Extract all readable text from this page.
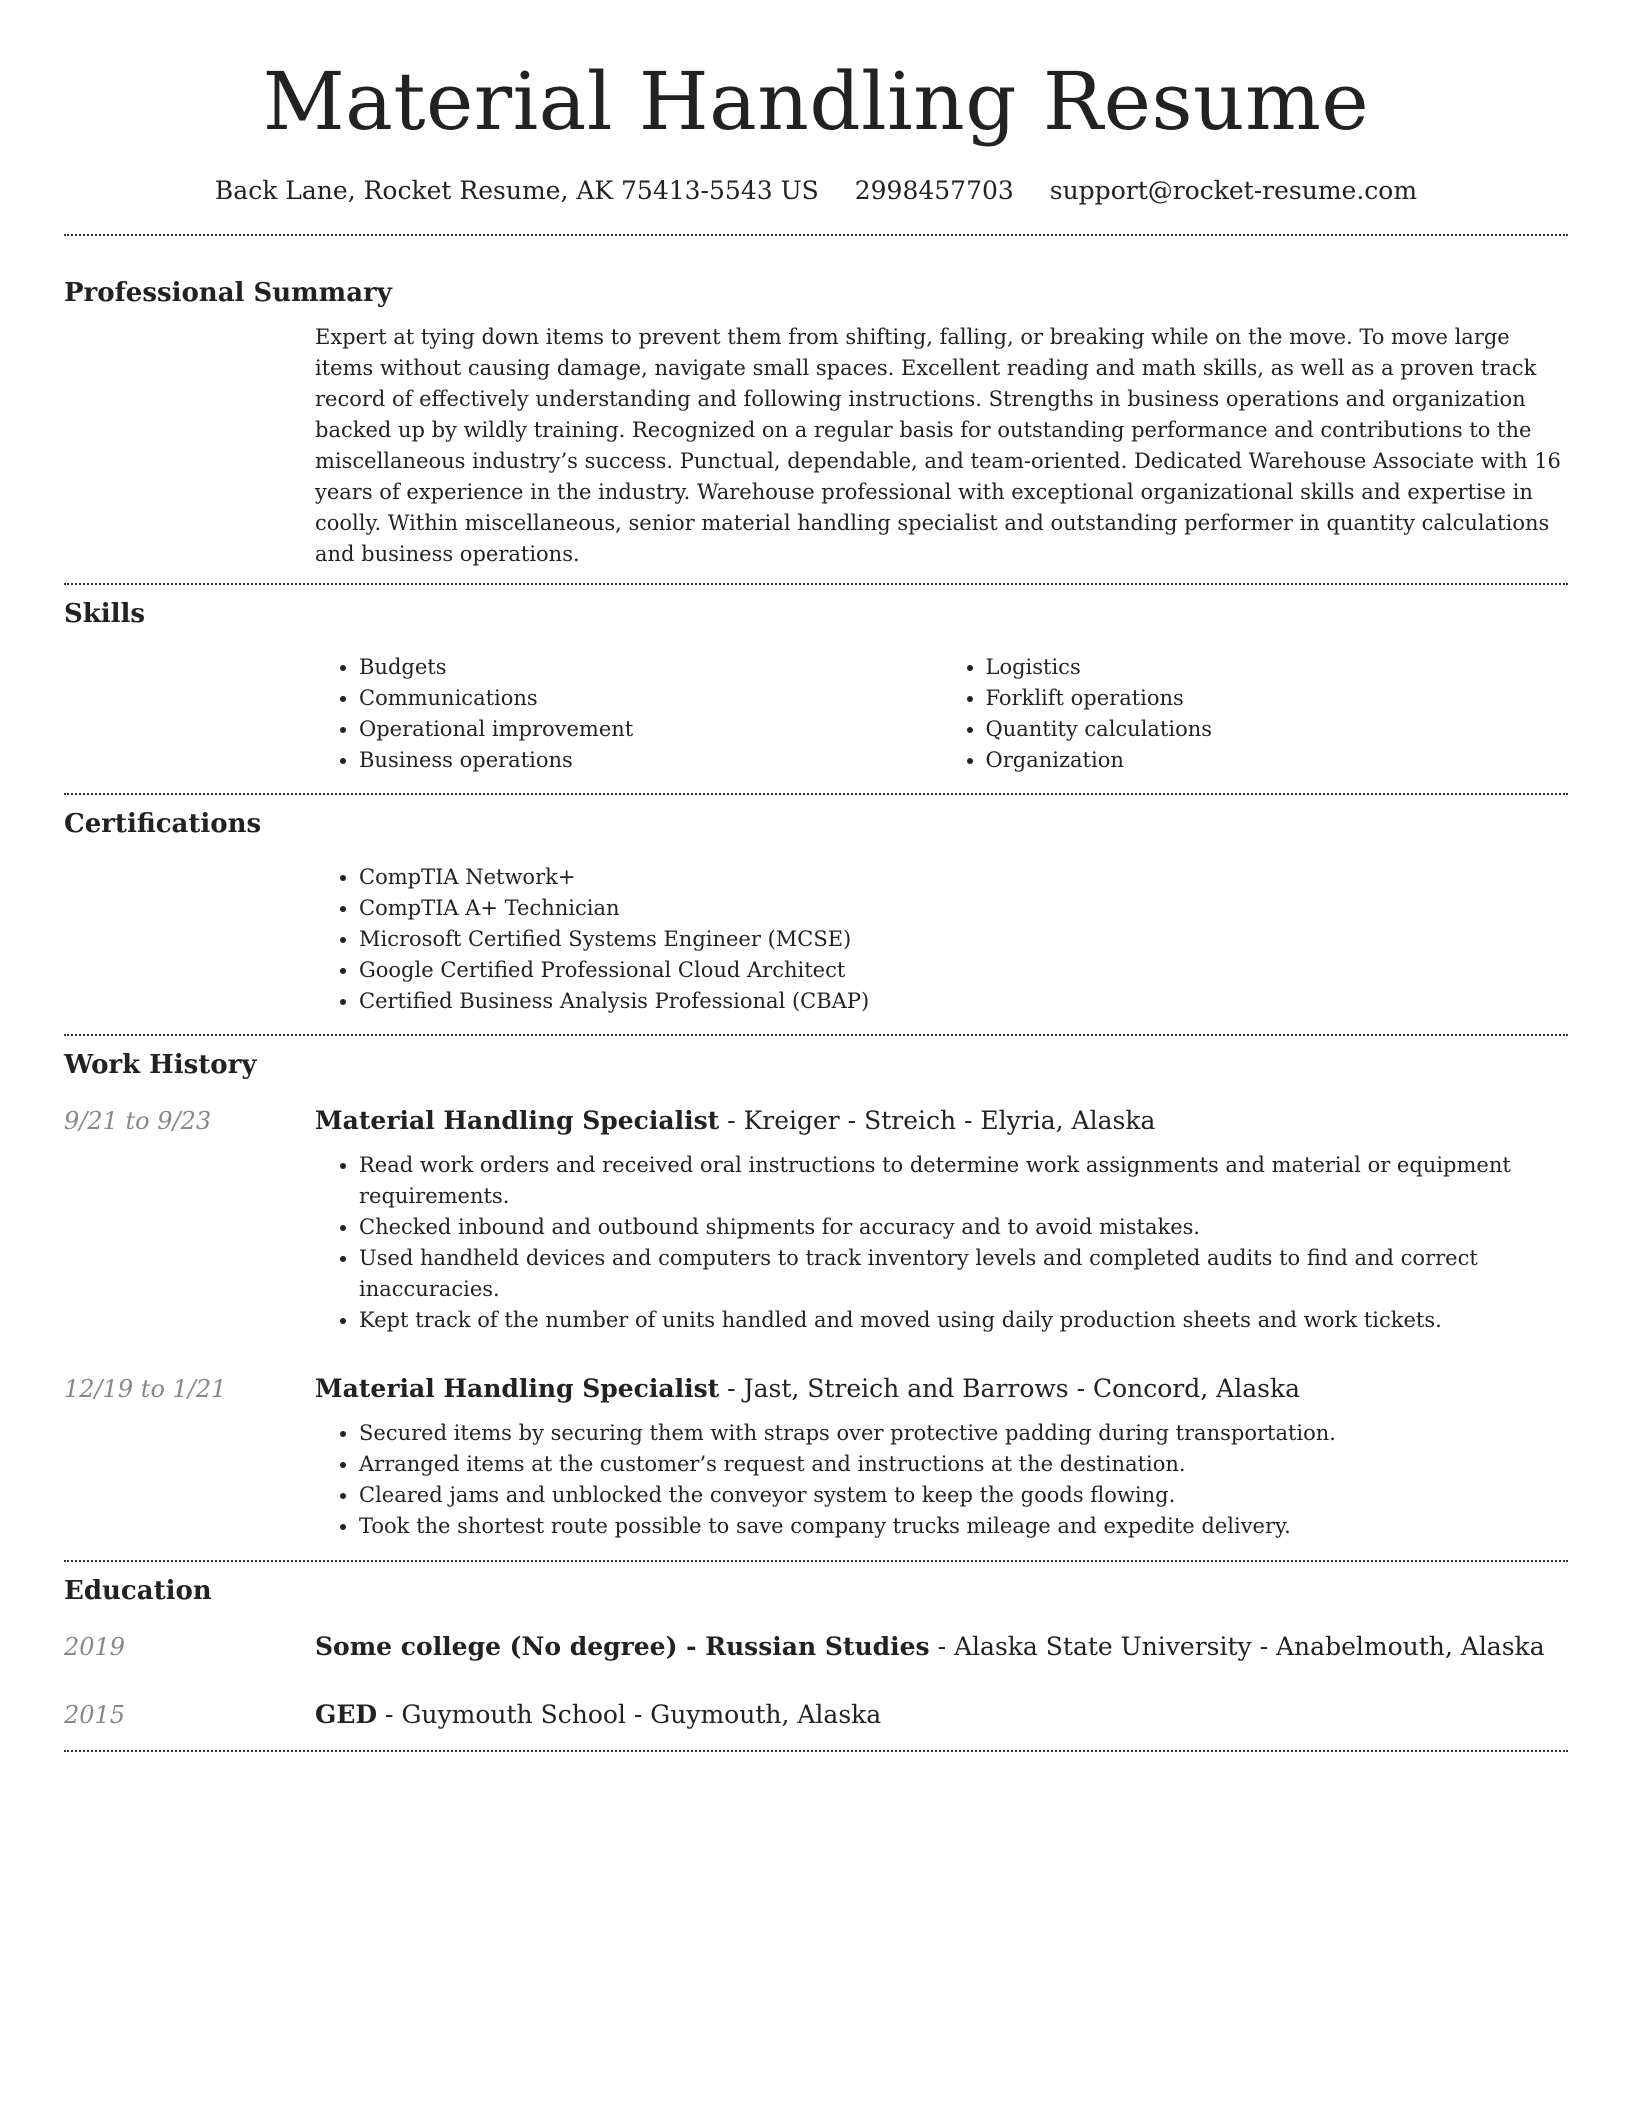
Material Handling Resume
Back Lane, Rocket Resume, AK 75413-5543 US 2998457703 support@rocket-resume.com
Professional Summary

Expert at tying down items to prevent them from shifting, falling, or breaking while on the move. To move large items without causing damage, navigate small spaces. Excellent reading and math skills, as well as a proven track record of effectively understanding and following instructions. Strengths in business operations and organization backed up by wildly training. Recognized on a regular basis for outstanding performance and contributions to the miscellaneous industry’s success. Punctual, dependable, and team-oriented. Dedicated Warehouse Associate with 16 years of experience in the industry. Warehouse professional with exceptional organizational skills and expertise in coolly. Within miscellaneous, senior material handling specialist and outstanding performer in quantity calculations and business operations.

Skills
• Budgets
• Communications
• Operational improvement
• Business operations
• Logistics
• Forklift operations
• Quantity calculations
• Organization
Certifications
• CompTIA Network+
• CompTIA A+ Technician
• Microsoft Certified Systems Engineer (MCSE)
• Google Certified Professional Cloud Architect
• Certified Business Analysis Professional (CBAP)
Work History
9/21 to 9/23	Material Handling Specialist - Kreiger - Streich - Elyria, Alaska
• Read work orders and received oral instructions to determine work assignments and material or equipment requirements.
• Checked inbound and outbound shipments for accuracy and to avoid mistakes.
• Used handheld devices and computers to track inventory levels and completed audits to find and correct inaccuracies.
• Kept track of the number of units handled and moved using daily production sheets and work tickets.
12/19 to 1/21	Material Handling Specialist - Jast, Streich and Barrows - Concord, Alaska
• Secured items by securing them with straps over protective padding during transportation.
• Arranged items at the customer’s request and instructions at the destination.
• Cleared jams and unblocked the conveyor system to keep the goods flowing.
• Took the shortest route possible to save company trucks mileage and expedite delivery.
Education
2019	Some college (No degree) - Russian Studies - Alaska State University - Anabelmouth, Alaska
2015	GED - Guymouth School - Guymouth, Alaska
